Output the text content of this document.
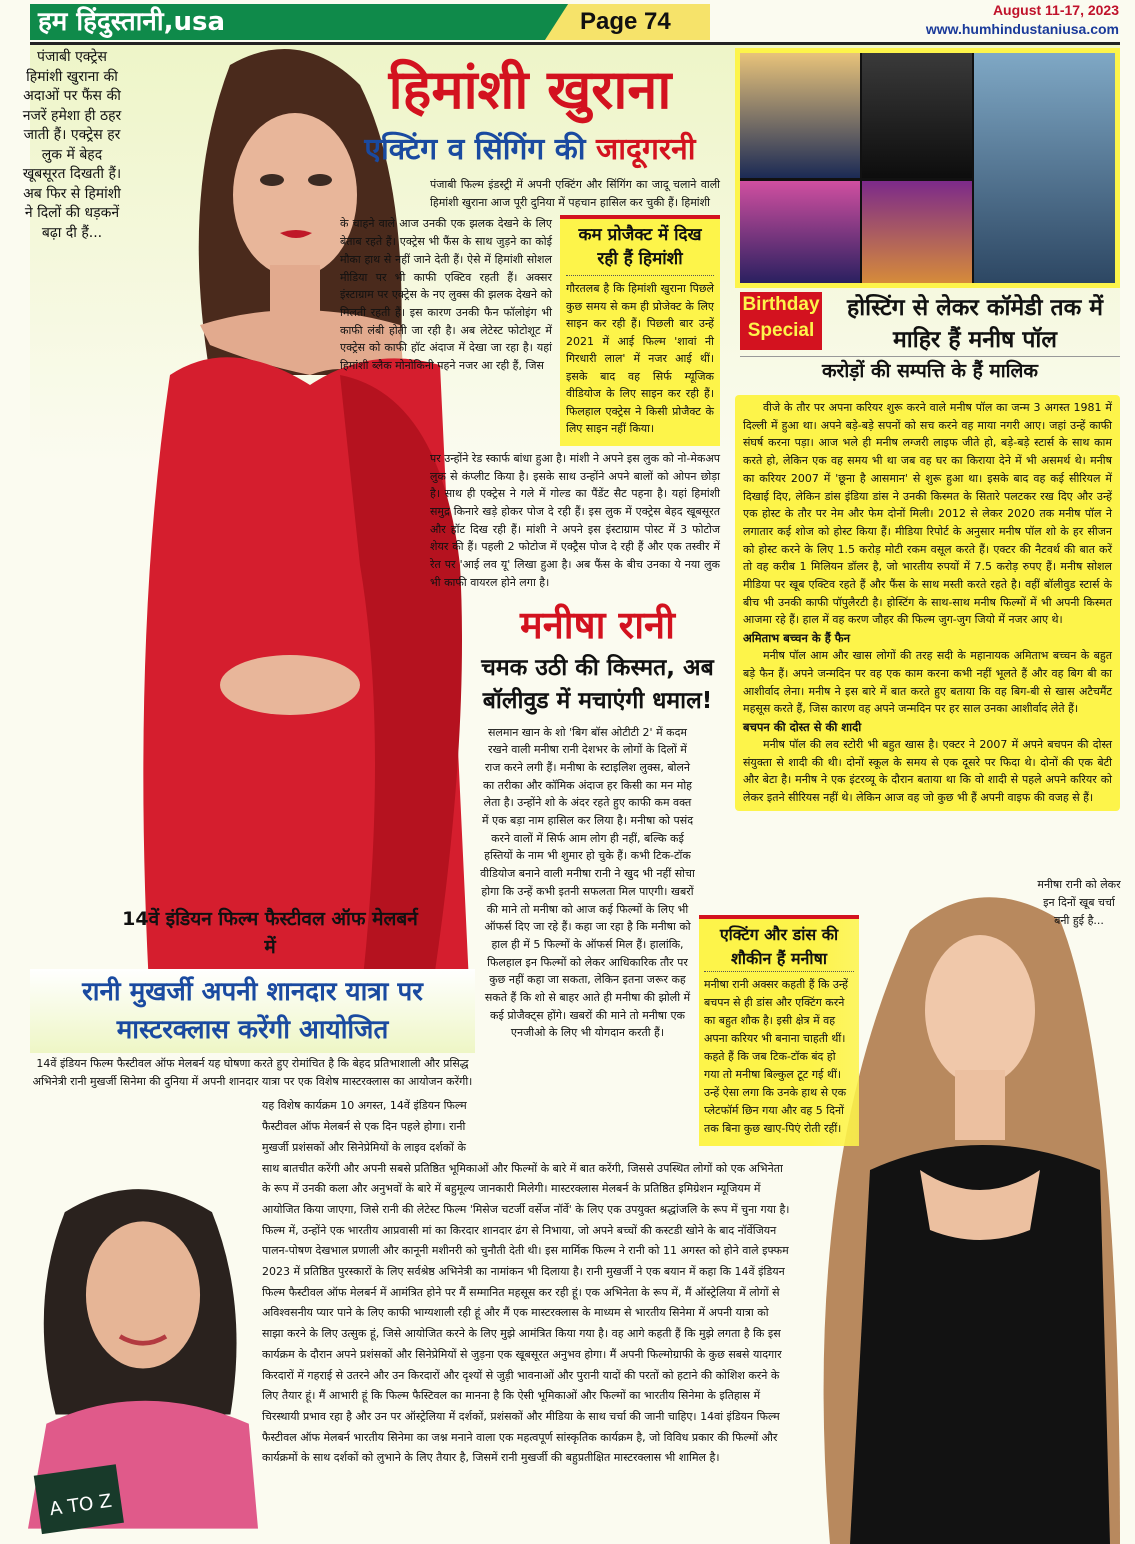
हम हिंदुस्तानी,usa	Page 74	August 11-17, 2023
www.humhindustaniusa.com
पंजाबी एक्ट्रेस हिमांशी खुराना की अदाओं पर फैंस की नजरें हमेशा ही ठहर जाती हैं। एक्ट्रेस हर लुक में बेहद खूबसूरत दिखती हैं। अब फिर से हिमांशी ने दिलों की धड़कनें बढ़ा दी हैं...
हिमांशी खुराना
एक्टिंग व सिंगिंग की जादूगरनी

पंजाबी फिल्म इंडस्ट्री में अपनी एक्टिंग और सिंगिंग का जादू चलाने वाली हिमांशी खुराना आज पूरी दुनिया में पहचान हासिल कर चुकी हैं। हिमांशी

के चाहने वाले आज उनकी एक झलक देखने के लिए बेताब रहते हैं। एक्ट्रेस भी फैंस के साथ जुड़ने का कोई मौका हाथ से नहीं जाने देती हैं। ऐसे में हिमांशी सोशल मीडिया पर भी काफी एक्टिव रहती हैं। अक्सर इंस्टाग्राम पर एक्ट्रेस के नए लुक्स की झलक देखने को मिलती रहती हैं। इस कारण उनकी फैन फॉलोइंग भी काफी लंबी होती जा रही है। अब लेटेस्ट फोटोशूट में एक्ट्रेस को काफी हॉट अंदाज में देखा जा रहा है। यहां हिमांशी ब्लैक मोनोकिनी पहने नजर आ रही हैं, जिस

कम प्रोजैक्ट में दिख रही हैं हिमांशी

गौरतलब है कि हिमांशी खुराना पिछले कुछ समय से कम ही प्रोजेक्ट के लिए साइन कर रही हैं। पिछली बार उन्हें 2021 में आई फिल्म 'शावां नी गिरधारी लाल' में नजर आई थीं। इसके बाद वह सिर्फ म्यूजिक वीडियोज के लिए साइन कर रही हैं। फिलहाल एक्ट्रेस ने किसी प्रोजैक्ट के लिए साइन नहीं किया।

पर उन्होंने रेड स्कार्फ बांधा हुआ है। मांशी ने अपने इस लुक को नो-मेकअप लुक से कंप्लीट किया है। इसके साथ उन्होंने अपने बालों को ओपन छोड़ा है। साथ ही एक्ट्रेस ने गले में गोल्ड का पैंडेंट सैट पहना है। यहां हिमांशी समुद्र किनारे खड़े होकर पोज दे रही हैं। इस लुक में एक्ट्रेस बेहद खूबसूरत और हॉट दिख रही हैं। मांशी ने अपने इस इंस्टाग्राम पोस्ट में 3 फोटोज शेयर की हैं। पहली 2 फोटोज में एक्ट्रैस पोज दे रही हैं और एक तस्वीर में रेत पर 'आई लव यू' लिखा हुआ है। अब फैंस के बीच उनका ये नया लुक भी काफी वायरल होने लगा है।

मनीषा रानी
चमक उठी की किस्मत, अब बॉलीवुड में मचाएंगी धमाल!

सलमान खान के शो 'बिग बॉस ओटीटी 2' में कदम रखने वाली मनीषा रानी देशभर के लोगों के दिलों में राज करने लगी हैं। मनीषा के स्टाइलिश लुक्स, बोलने का तरीका और कॉमिक अंदाज हर किसी का मन मोह लेता है। उन्होंने शो के अंदर रहते हुए काफी कम वक्त में एक बड़ा नाम हासिल कर लिया है। मनीषा को पसंद करने वालों में सिर्फ आम लोग ही नहीं, बल्कि कई हस्तियों के नाम भी शुमार हो चुके हैं। कभी टिक-टॉक वीडियोज बनाने वाली मनीषा रानी ने खुद भी नहीं सोचा होगा कि उन्हें कभी इतनी सफलता मिल पाएगी। खबरों की माने तो मनीषा को आज कई फिल्मों के लिए भी ऑफर्स दिए जा रहे हैं। कहा जा रहा है कि मनीषा को हाल ही में 5 फिल्मों के ऑफर्स मिल हैं। हालांकि, फिलहाल इन फिल्मों को लेकर आधिकारिक तौर पर कुछ नहीं कहा जा सकता, लेकिन इतना जरूर कह सकते हैं कि शो से बाहर आते ही मनीषा की झोली में कई प्रोजैक्ट्स होंगे। खबरों की माने तो मनीषा एक एनजीओ के लिए भी योगदान करती हैं।

Birthday
Special
होस्टिंग से लेकर कॉमेडी तक में माहिर हैं मनीष पॉल
करोड़ों की सम्पत्ति के हैं मालिक

वीजे के तौर पर अपना करियर शुरू करने वाले मनीष पॉल का जन्म 3 अगस्त 1981 में दिल्ली में हुआ था। अपने बड़े-बड़े सपनों को सच करने वह माया नगरी आए। जहां उन्हें काफी संघर्ष करना पड़ा। आज भले ही मनीष लग्जरी लाइफ जीते हो, बड़े-बड़े स्टार्स के साथ काम करते हो, लेकिन एक वह समय भी था जब वह घर का किराया देने में भी असमर्थ थे। मनीष का करियर 2007 में 'छूना है आसमान' से शुरू हुआ था। इसके बाद वह कई सीरियल में दिखाई दिए, लेकिन डांस इंडिया डांस ने उनकी किस्मत के सितारे पलटकर रख दिए और उन्हें एक होस्ट के तौर पर नेम और फेम दोनों मिली। 2012 से लेकर 2020 तक मनीष पॉल ने लगातार कई शोज को होस्ट किया हैं। मीडिया रिपोर्ट के अनुसार मनीष पॉल शो के हर सीजन को होस्ट करने के लिए 1.5 करोड़ मोटी रकम वसूल करते हैं। एक्टर की नैटवर्थ की बात करें तो वह करीब 1 मिलियन डॉलर है, जो भारतीय रुपयों में 7.5 करोड़ रुपए हैं। मनीष सोशल मीडिया पर खूब एक्टिव रहते हैं और फैंस के साथ मस्ती करते रहते है। वहीं बॉलीवुड स्टार्स के बीच भी उनकी काफी पॉपुलैरटी है। होस्टिंग के साथ-साथ मनीष फिल्मों में भी अपनी किस्मत आजमा रहे हैं। हाल में वह करण जौहर की फिल्म जुग-जुग जियो में नजर आए थे।

अमिताभ बच्चन के हैं फैन

मनीष पॉल आम और खास लोगों की तरह सदी के महानायक अमिताभ बच्चन के बहुत बड़े फैन हैं। अपने जन्मदिन पर वह एक काम करना कभी नहीं भूलते हैं और वह बिग बी का आशीर्वाद लेना। मनीष ने इस बारे में बात करते हुए बताया कि वह बिग-बी से खास अटैचमैंट महसूस करते हैं, जिस कारण वह अपने जन्मदिन पर हर साल उनका आशीर्वाद लेते हैं।

बचपन की दोस्त से की शादी

मनीष पॉल की लव स्टोरी भी बहुत खास है। एक्टर ने 2007 में अपने बचपन की दोस्त संयुक्ता से शादी की थी। दोनों स्कूल के समय से एक दूसरे पर फिदा थे। दोनों की एक बेटी और बेटा है। मनीष ने एक इंटरव्यू के दौरान बताया था कि वो शादी से पहले अपने करियर को लेकर इतने सीरियस नहीं थे। लेकिन आज वह जो कुछ भी हैं अपनी वाइफ की वजह से हैं।

मनीषा रानी को लेकर इन दिनों खूब चर्चा बनी हुई है...
एक्टिंग और डांस की शौकीन हैं मनीषा

मनीषा रानी अक्सर कहती हैं कि उन्हें बचपन से ही डांस और एक्टिंग करने का बहुत शौक है। इसी क्षेत्र में वह अपना करियर भी बनाना चाहती थीं। कहते हैं कि जब टिक-टॉक बंद हो गया तो मनीषा बिल्कुल टूट गई थीं। उन्हें ऐसा लगा कि उनके हाथ से एक प्लेटफॉर्म छिन गया और वह 5 दिनों तक बिना कुछ खाए-पिएं रोती रहीं।

14वें इंडियन फिल्म फैस्टीवल ऑफ मेलबर्न में
रानी मुखर्जी अपनी शानदार यात्रा पर मास्टरक्लास करेंगी आयोजित

14वें इंडियन फिल्म फैस्टीवल ऑफ मेलबर्न यह घोषणा करते हुए रोमांचित है कि बेहद प्रतिभाशाली और प्रसिद्ध अभिनेत्री रानी मुखर्जी सिनेमा की दुनिया में अपनी शानदार यात्रा पर एक विशेष मास्टरक्लास का आयोजन करेंगी।

A TO Z
यह विशेष कार्यक्रम 10 अगस्त, 14वें इंडियन फिल्म फैस्टीवल ऑफ मेलबर्न से एक दिन पहले होगा। रानी मुखर्जी प्रशंसकों और सिनेप्रेमियों के लाइव दर्शकों के साथ बातचीत करेंगी और अपनी सबसे प्रतिष्ठित भूमिकाओं और फिल्मों के बारे में बात करेंगी, जिससे उपस्थित लोगों को एक अभिनेता के रूप में उनकी कला और अनुभवों के बारे में बहुमूल्य जानकारी मिलेगी। मास्टरक्लास मेलबर्न के प्रतिष्ठित इमिग्रेशन म्यूजियम में आयोजित किया जाएगा, जिसे रानी की लेटेस्ट फिल्म 'मिसेज चटर्जी वर्सेज नॉर्वे' के लिए एक उपयुक्त श्रद्धांजलि के रूप में चुना गया है। फिल्म में, उन्होंने एक भारतीय आप्रवासी मां का किरदार शानदार ढंग से निभाया, जो अपने बच्चों की कस्टडी खोने के बाद नॉर्वेजियन पालन-पोषण देखभाल प्रणाली और कानूनी मशीनरी को चुनौती देती थी। इस मार्मिक फिल्म ने रानी को 11 अगस्त को होने वाले इफ्फम 2023 में प्रतिष्ठित पुरस्कारों के लिए सर्वश्रेष्ठ अभिनेत्री का नामांकन भी दिलाया है। रानी मुखर्जी ने एक बयान में कहा कि 14वें इंडियन फिल्म फैस्टीवल ऑफ मेलबर्न में आमंत्रित होने पर मैं सम्मानित महसूस कर रही हूं। एक अभिनेता के रूप में, मैं ऑस्ट्रेलिया में लोगों से अविश्वसनीय प्यार पाने के लिए काफी भाग्यशाली रही हूं और मैं एक मास्टरक्लास के माध्यम से भारतीय सिनेमा में अपनी यात्रा को साझा करने के लिए उत्सुक हूं, जिसे आयोजित करने के लिए मुझे आमंत्रित किया गया है। वह आगे कहती हैं कि मुझे लगता है कि इस कार्यक्रम के दौरान अपने प्रशंसकों और सिनेप्रेमियों से जुड़ना एक खूबसूरत अनुभव होगा। मैं अपनी फिल्मोग्राफी के कुछ सबसे यादगार किरदारों में गहराई से उतरने और उन किरदारों और दृश्यों से जुड़ी भावनाओं और पुरानी यादों की परतों को हटाने की कोशिश करने के लिए तैयार हूं। मैं आभारी हूं कि फिल्म फैस्टिवल का मानना है कि ऐसी भूमिकाओं और फिल्मों का भारतीय सिनेमा के इतिहास में चिरस्थायी प्रभाव रहा है और उन पर ऑस्ट्रेलिया में दर्शकों, प्रशंसकों और मीडिया के साथ चर्चा की जानी चाहिए। 14वां इंडियन फिल्म फैस्टीवल ऑफ मेलबर्न भारतीय सिनेमा का जश्न मनाने वाला एक महत्वपूर्ण सांस्कृतिक कार्यक्रम है, जो विविध प्रकार की फिल्मों और कार्यक्रमों के साथ दर्शकों को लुभाने के लिए तैयार है, जिसमें रानी मुखर्जी की बहुप्रतीक्षित मास्टरक्लास भी शामिल है।
